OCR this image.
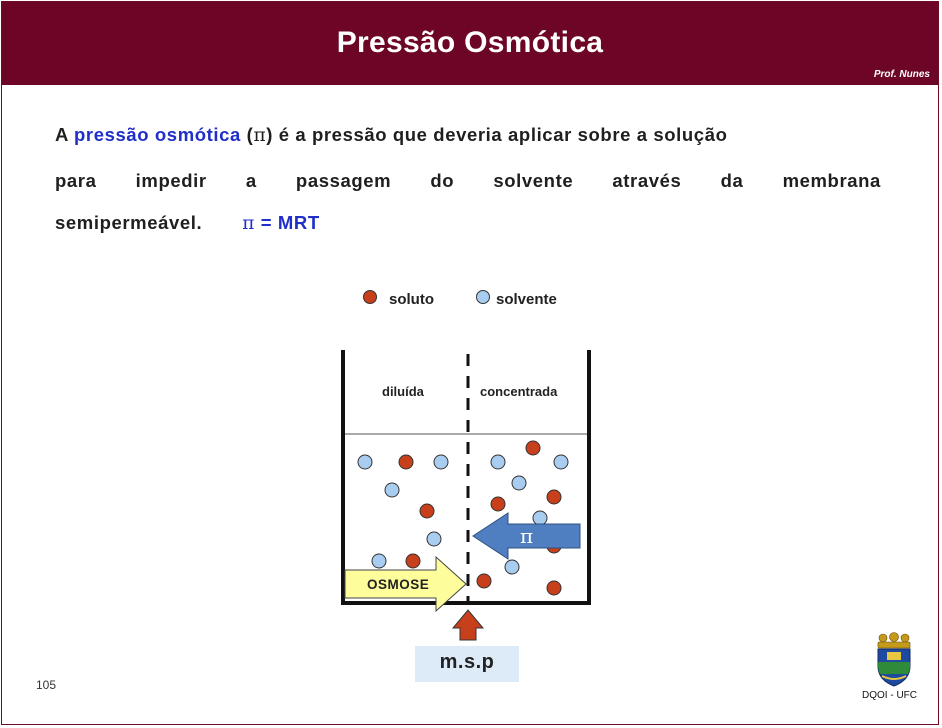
Pressão Osmótica
Prof. Nunes
A pressão osmótica (π) é a pressão que deveria aplicar sobre a solução
para impedir a passagem do solvente através da membrana
semipermeável. π = MRT
soluto	solvente
diluída	concentrada
OSMOSE
π
m.s.p
105
DQOI - UFC
